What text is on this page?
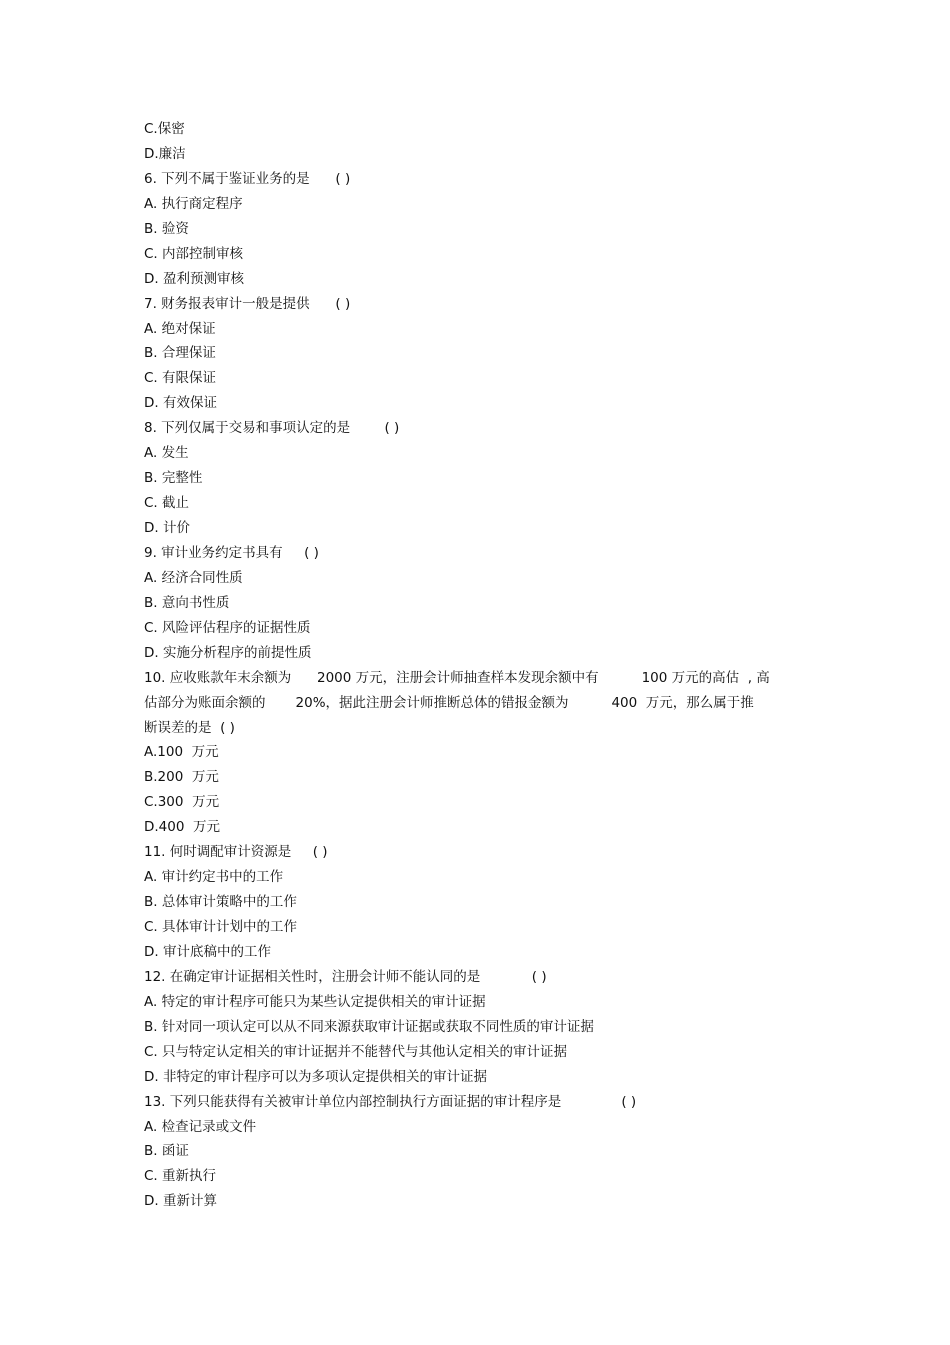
C.保密
D.廉洁
6. 下列不属于鉴证业务的是      ( )
A. 执行商定程序
B. 验资
C. 内部控制审核
D. 盈利预测审核
7. 财务报表审计一般是提供      ( )
A. 绝对保证
B. 合理保证
C. 有限保证
D. 有效保证
8. 下列仅属于交易和事项认定的是        ( )
A. 发生
B. 完整性
C. 截止
D. 计价
9. 审计业务约定书具有     ( )
A. 经济合同性质
B. 意向书性质
C. 风险评估程序的证据性质
D. 实施分析程序的前提性质
10. 应收账款年末余额为      2000 万元，注册会计师抽查样本发现余额中有          100 万元的高估  , 高
估部分为账面余额的       20%，据此注册会计师推断总体的错报金额为          400  万元，那么属于推
断误差的是  ( )
A.100  万元
B.200  万元
C.300  万元
D.400  万元
11. 何时调配审计资源是     ( )
A. 审计约定书中的工作
B. 总体审计策略中的工作
C. 具体审计计划中的工作
D. 审计底稿中的工作
12. 在确定审计证据相关性时，注册会计师不能认同的是            ( )
A. 特定的审计程序可能只为某些认定提供相关的审计证据
B. 针对同一项认定可以从不同来源获取审计证据或获取不同性质的审计证据
C. 只与特定认定相关的审计证据并不能替代与其他认定相关的审计证据
D. 非特定的审计程序可以为多项认定提供相关的审计证据
13. 下列只能获得有关被审计单位内部控制执行方面证据的审计程序是              ( )
A. 检查记录或文件
B. 函证
C. 重新执行
D. 重新计算
